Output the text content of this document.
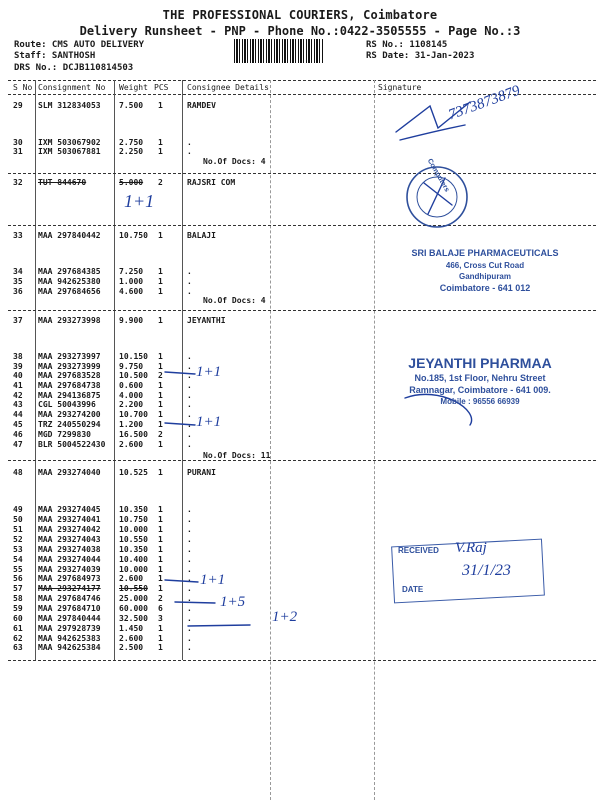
THE PROFESSIONAL COURIERS, Coimbatore
Delivery Runsheet - PNP - Phone No.:0422-3505555 - Page No.:3
Route: CMS AUTO DELIVERY
Staff: SANTHOSH
DRS No.: DCJB110814503
RS No.: 1108145
RS Date: 31-Jan-2023
S No Consignment No Weight PCS Consignee Details	Signature
29 SLM 312834053 7.500 1	RAMDEV
30 IXM 503067902 2.750 1	.
31 IXM 503067881 2.250 1	.
No.Of Docs: 4
32 TUT 844670	5.000 2	RAJSRI COM
33 MAA 297840442 10.750 1	BALAJI
34 MAA 297684385 7.250 1	.
35 MAA 942625380 1.000 1	.
36 MAA 297684656 4.600 1	.
No.Of Docs: 4
37 MAA 293273998 9.900 1	JEYANTHI
38 MAA 293273997 10.150 1	.
39 MAA 293273999 9.750 1	.
40 MAA 297683528 10.500 2	.
41 MAA 297684738 0.600 1	.
42 MAA 294136875 4.000 1	.
43 CGL 50043996	2.200 1	.
44 MAA 293274200 10.700 1	.
45 TRZ 240550294 1.200 1	.
46 MGD 7299830	16.500 2	.
47 BLR 5004522430 2.600 1	.
No.Of Docs: 11
48 MAA 293274040 10.525 1	PURANI
49 MAA 293274045 10.350 1	.
50 MAA 293274041 10.750 1	.
51 MAA 293274042 10.000 1	.
52 MAA 293274043 10.550 1	.
53 MAA 293274038 10.350 1	.
54 MAA 293274044 10.400 1	.
55 MAA 293274039 10.000 1	.
56 MAA 297684973 2.600 1	.
57 MAA 293274177 10.550 1	.
58 MAA 297684746 25.000 2	.
59 MAA 297684710 60.000 6	.
60 MAA 297840444 32.500 3	.
61 MAA 297928739 1.450 1	.
62 MAA 942625383 2.600 1	.
63 MAA 942625384 2.500 1	.
7373873879
1+1
1+1
1+1
1+1
1+5
1+2
Computers
SRI BALAJE PHARMACEUTICALS
466, Cross Cut Road
Gandhipuram
Coimbatore - 641 012
JEYANTHI PHARMAA
No.185, 1st Floor, Nehru Street
Ramnagar, Coimbatore - 641 009.
Mobile : 96556 66939
RECEIVED
DATE
V.Raj
31/1/23
